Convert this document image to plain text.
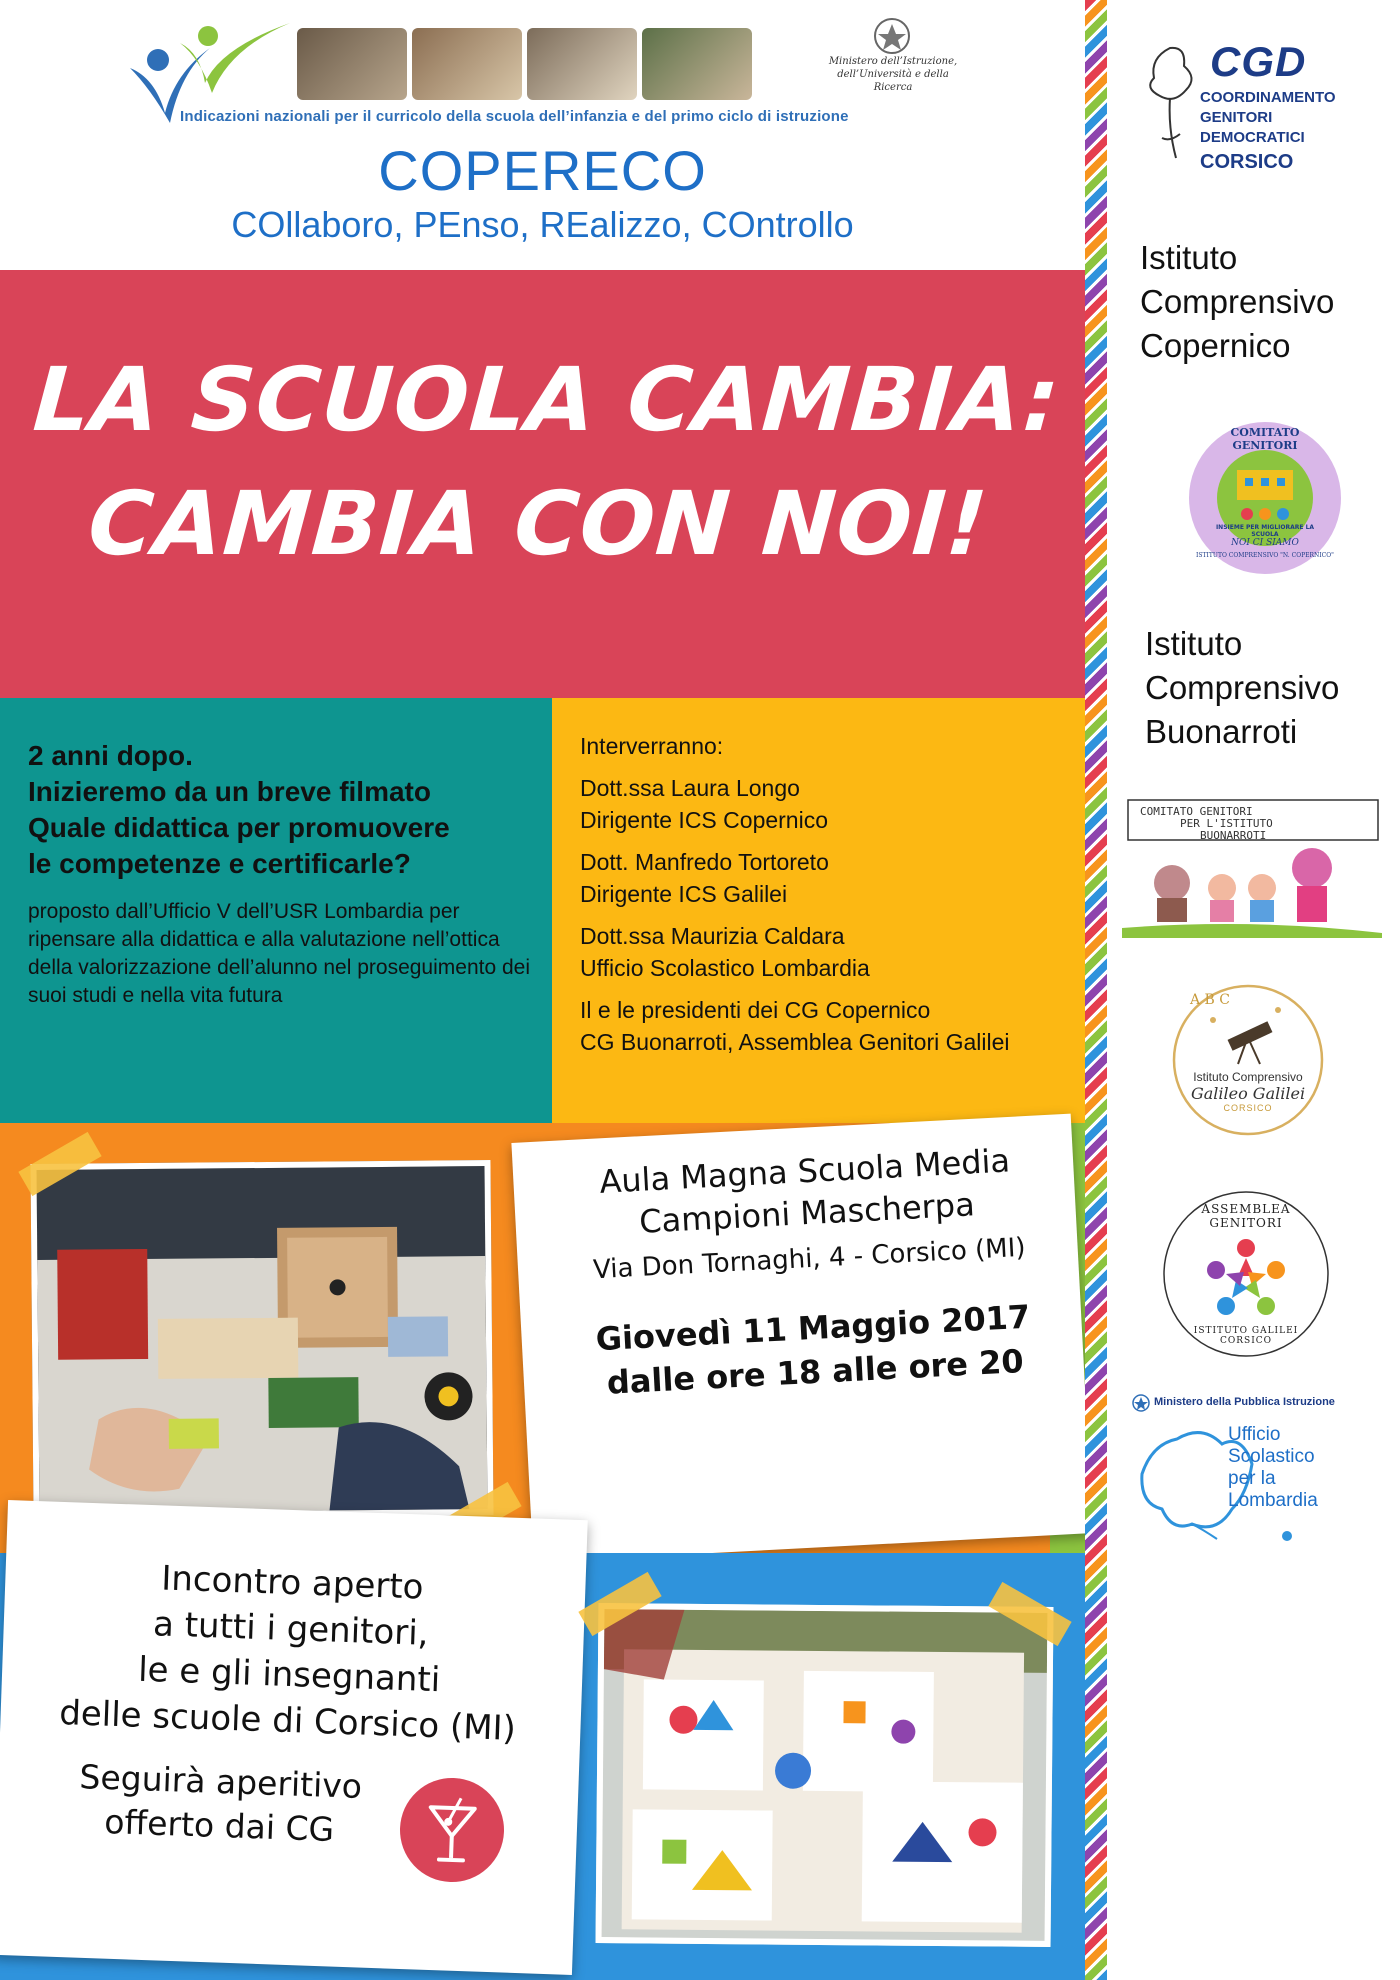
Ministero dell’Istruzione, dell’Università e della Ricerca
Indicazioni nazionali per il curricolo della scuola dell’infanzia e del primo ciclo di istruzione
COPERECO
COllaboro, PEnso, REalizzo, COntrollo
LA SCUOLA CAMBIA:
CAMBIA CON NOI!
2 anni dopo.
Inizieremo da un breve filmato
Quale didattica per promuovere
le competenze e certificarle?
proposto dall’Ufficio V dell’USR Lombardia per ripensare alla didattica e alla valutazione nell’ottica della valorizzazione dell’alunno nel proseguimento dei suoi studi e nella vita futura
Interverranno:
Dott.ssa Laura Longo
Dirigente ICS Copernico
Dott. Manfredo Tortoreto
Dirigente ICS Galilei
Dott.ssa Maurizia Caldara
Ufficio Scolastico Lombardia
Il e le presidenti dei CG Copernico
CG Buonarroti, Assemblea Genitori Galilei
Aula Magna Scuola Media
Campioni Mascherpa
Via Don Tornaghi, 4 - Corsico (MI)
Giovedì 11 Maggio 2017
dalle ore 18 alle ore 20
Incontro aperto
a tutti i genitori,
le e gli insegnanti
delle scuole di Corsico (MI)
Seguirà aperitivo
offerto dai CG
CGD
COORDINAMENTO
GENITORI
DEMOCRATICI
CORSICO
Istituto
Comprensivo
Copernico
COMITATO GENITORI
INSIEME PER MIGLIORARE LA SCUOLA
NOI CI SIAMO
ISTITUTO COMPRENSIVO "N. COPERNICO"
Istituto
Comprensivo
Buonarroti
COMITATO GENITORI
PER L'ISTITUTO
BUONARROTI
A B C
Istituto Comprensivo
Galileo Galilei
CORSICO
ASSEMBLEA GENITORI
ISTITUTO GALILEI CORSICO
Ministero della Pubblica Istruzione
Ufficio
Scolastico
per la
Lombardia
